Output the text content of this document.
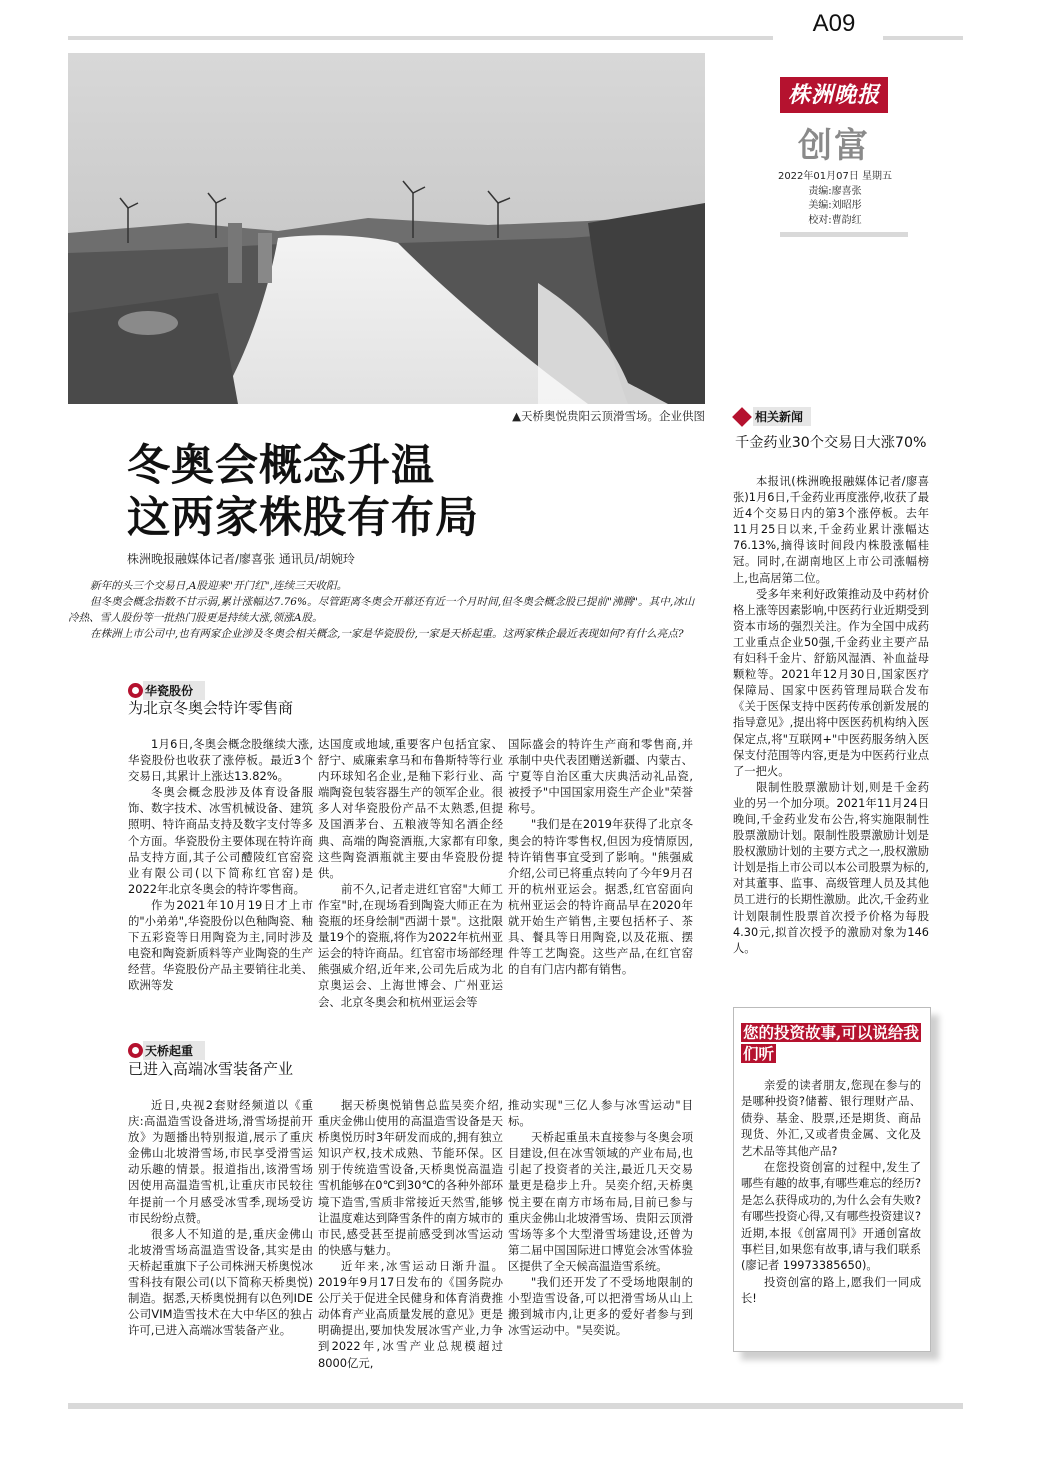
▲天桥奥悦贵阳云顶滑雪场。企业供图
A09
株洲晚报
创富
2022年01月07日 星期五
责编:廖喜张
美编:刘昭彤
校对:曹韵红
冬奥会概念升温
这两家株股有布局
株洲晚报融媒体记者/廖喜张 通讯员/胡婉玲

新年的头三个交易日,A股迎来"开门红",连续三天收阳。

但冬奥会概念指数不甘示弱,累计涨幅达7.76%。尽管距离冬奥会开幕还有近一个月时间,但冬奥会概念股已提前"沸腾"。其中,冰山冷热、雪人股份等一批热门股更是持续大涨,领涨A股。

在株洲上市公司中,也有两家企业涉及冬奥会相关概念,一家是华瓷股份,一家是天桥起重。这两家株企最近表现如何?有什么亮点?

华瓷股份
为北京冬奥会特许零售商

1月6日,冬奥会概念股继续大涨,华瓷股份也收获了涨停板。最近3个交易日,其累计上涨达13.82%。

冬奥会概念股涉及体育设备服饰、数字技术、冰雪机械设备、建筑照明、特许商品支持及数字支付等多个方面。华瓷股份主要体现在特许商品支持方面,其子公司醴陵红官窑瓷业有限公司(以下简称红官窑)是2022年北京冬奥会的特许零售商。

作为2021年10月19日才上市的"小弟弟",华瓷股份以色釉陶瓷、釉下五彩瓷等日用陶瓷为主,同时涉及电瓷和陶瓷新质料等产业陶瓷的生产经营。华瓷股份产品主要销往北美、欧洲等发

达国度或地域,重要客户包括宜家、舒宁、威廉索拿马和布鲁斯特等行业内环球知名企业,是釉下彩行业、高端陶瓷包装容器生产的领军企业。很多人对华瓷股份产品不太熟悉,但提及国酒茅台、五粮液等知名酒企经典、高端的陶瓷酒瓶,大家都有印象,这些陶瓷酒瓶就主要由华瓷股份提供。

前不久,记者走进红官窑"大师工作室"时,在现场看到陶瓷大师正在为瓷瓶的坯身绘制"西湖十景"。这批限量19个的瓷瓶,将作为2022年杭州亚运会的特许商品。红官窑市场部经理熊强威介绍,近年来,公司先后成为北京奥运会、上海世博会、广州亚运会、北京冬奥会和杭州亚运会等

国际盛会的特许生产商和零售商,并承制中央代表团赠送新疆、内蒙古、宁夏等自治区重大庆典活动礼品瓷,被授予"中国国家用瓷生产企业"荣誉称号。

"我们是在2019年获得了北京冬奥会的特许零售权,但因为疫情原因,特许销售事宜受到了影响。"熊强威介绍,公司已将重点转向了今年9月召开的杭州亚运会。据悉,红官窑面向杭州亚运会的特许商品早在2020年就开始生产销售,主要包括杯子、茶具、餐具等日用陶瓷,以及花瓶、摆件等工艺陶瓷。这些产品,在红官窑的自有门店内都有销售。

天桥起重
已进入高端冰雪装备产业

近日,央视2套财经频道以《重庆:高温造雪设备进场,滑雪场提前开放》为题播出特别报道,展示了重庆金佛山北坡滑雪场,市民享受滑雪运动乐趣的情景。报道指出,该滑雪场因使用高温造雪机,让重庆市民较往年提前一个月感受冰雪季,现场受访市民纷纷点赞。

很多人不知道的是,重庆金佛山北坡滑雪场高温造雪设备,其实是由天桥起重旗下子公司株洲天桥奥悦冰雪科技有限公司(以下简称天桥奥悦)制造。据悉,天桥奥悦拥有以色列IDE公司VIM造雪技术在大中华区的独占许可,已进入高端冰雪装备产业。

据天桥奥悦销售总监吴奕介绍,重庆金佛山使用的高温造雪设备是天桥奥悦历时3年研发而成的,拥有独立知识产权,技术成熟、节能环保。区别于传统造雪设备,天桥奥悦高温造雪机能够在0℃到30℃的各种外部环境下造雪,雪质非常接近天然雪,能够让温度难达到降雪条件的南方城市的市民,感受甚至提前感受到冰雪运动的快感与魅力。

近年来,冰雪运动日渐升温。2019年9月17日发布的《国务院办公厅关于促进全民健身和体育消费推动体育产业高质量发展的意见》更是明确提出,要加快发展冰雪产业,力争到2022年,冰雪产业总规模超过8000亿元,

推动实现"三亿人参与冰雪运动"目标。

天桥起重虽未直接参与冬奥会项目建设,但在冰雪领域的产业布局,也引起了投资者的关注,最近几天交易量更是稳步上升。吴奕介绍,天桥奥悦主要在南方市场布局,目前已参与重庆金佛山北坡滑雪场、贵阳云顶滑雪场等多个大型滑雪场建设,还曾为第二届中国国际进口博览会冰雪体验区提供了全天候高温造雪系统。

"我们还开发了不受场地限制的小型造雪设备,可以把滑雪场从山上搬到城市内,让更多的爱好者参与到冰雪运动中。"吴奕说。

相关新闻
千金药业30个交易日大涨70%

本报讯(株洲晚报融媒体记者/廖喜张)1月6日,千金药业再度涨停,收获了最近4个交易日内的第3个涨停板。去年11月25日以来,千金药业累计涨幅达76.13%,摘得该时间段内株股涨幅桂冠。同时,在湖南地区上市公司涨幅榜上,也高居第二位。

受多年来利好政策推动及中药材价格上涨等因素影响,中医药行业近期受到资本市场的强烈关注。作为全国中成药工业重点企业50强,千金药业主要产品有妇科千金片、舒筋风湿酒、补血益母颗粒等。2021年12月30日,国家医疗保障局、国家中医药管理局联合发布《关于医保支持中医药传承创新发展的指导意见》,提出将中医医药机构纳入医保定点,将"互联网+"中医药服务纳入医保支付范围等内容,更是为中医药行业点了一把火。

限制性股票激励计划,则是千金药业的另一个加分项。2021年11月24日晚间,千金药业发布公告,将实施限制性股票激励计划。限制性股票激励计划是股权激励计划的主要方式之一,股权激励计划是指上市公司以本公司股票为标的,对其董事、监事、高级管理人员及其他员工进行的长期性激励。此次,千金药业计划限制性股票首次授予价格为每股4.30元,拟首次授予的激励对象为146人。

您的投资故事,可以说给我们听

亲爱的读者朋友,您现在参与的是哪种投资?储蓄、银行理财产品、债券、基金、股票,还是期货、商品现货、外汇,又或者贵金属、文化及艺术品等其他产品?

在您投资创富的过程中,发生了哪些有趣的故事,有哪些难忘的经历?是怎么获得成功的,为什么会有失败?有哪些投资心得,又有哪些投资建议?近期,本报《创富周刊》开通创富故事栏目,如果您有故事,请与我们联系(廖记者 19973385650)。

投资创富的路上,愿我们一同成长!
